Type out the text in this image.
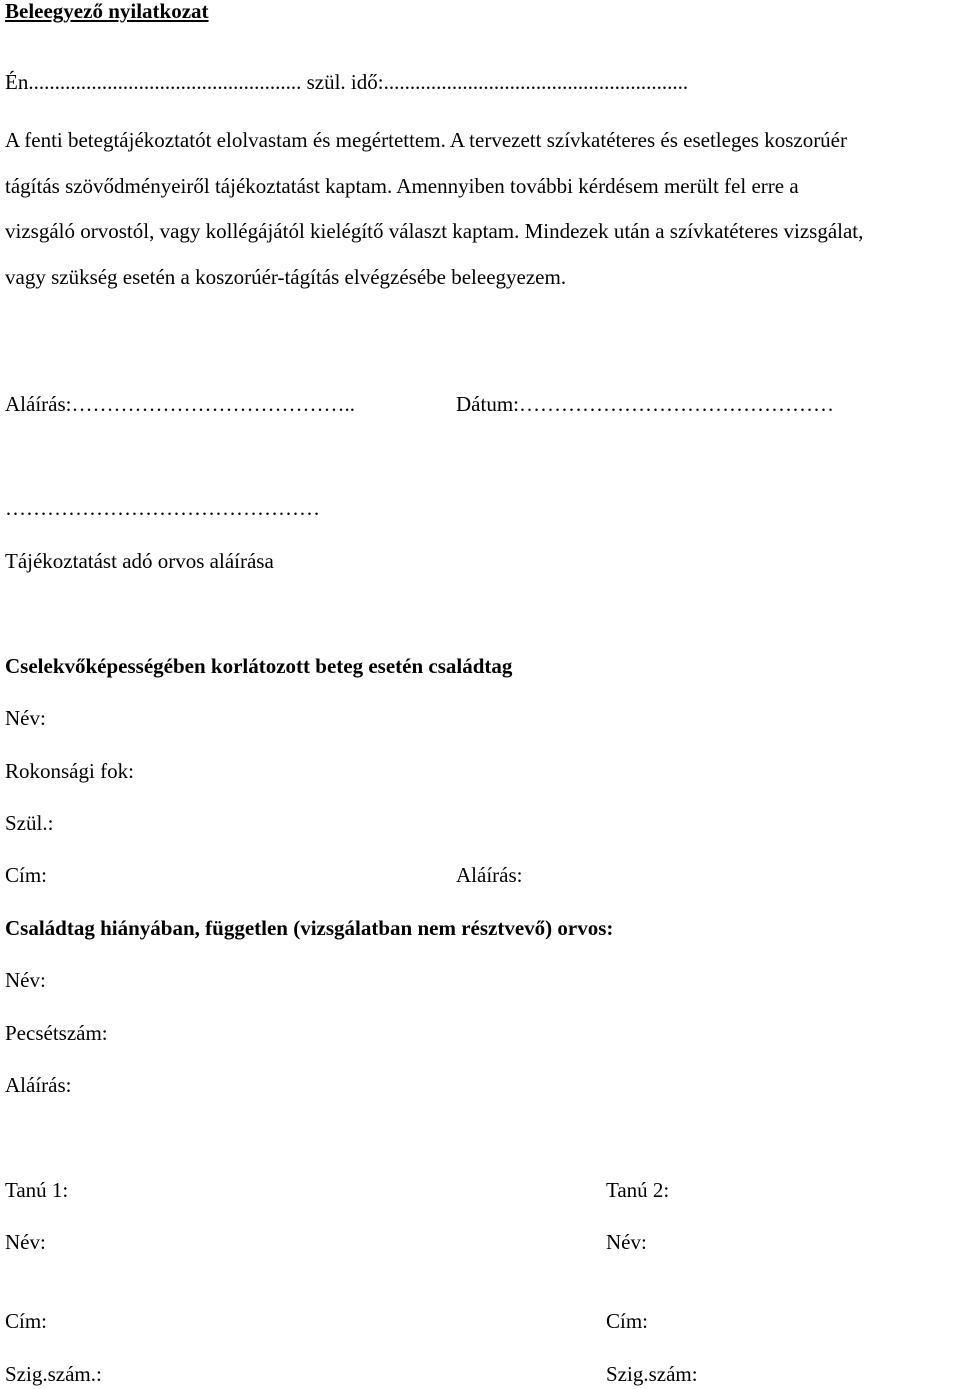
Beleegyező nyilatkozat
Én.................................................... szül. idő:..........................................................
A fenti betegtájékoztatót elolvastam és megértettem. A tervezett szívkatéteres és esetleges koszorúér
tágítás szövődményeiről tájékoztatást kaptam. Amennyiben további kérdésem merült fel erre a
vizsgáló orvostól, vagy kollégájától kielégítő választ kaptam. Mindezek után a szívkatéteres vizsgálat,
vagy szükség esetén a koszorúér-tágítás elvégzésébe beleegyezem.
Aláírás:…………………………………..	Dátum:………………………………………
………………………………………
Tájékoztatást adó orvos aláírása
Cselekvőképességében korlátozott beteg esetén családtag
Név:
Rokonsági fok:
Szül.:
Cím:	Aláírás:
Családtag hiányában, független (vizsgálatban nem résztvevő) orvos:
Név:
Pecsétszám:
Aláírás:
Tanú 1:	Tanú 2:
Név:	Név:
Cím:	Cím:
Szig.szám.:	Szig.szám:
